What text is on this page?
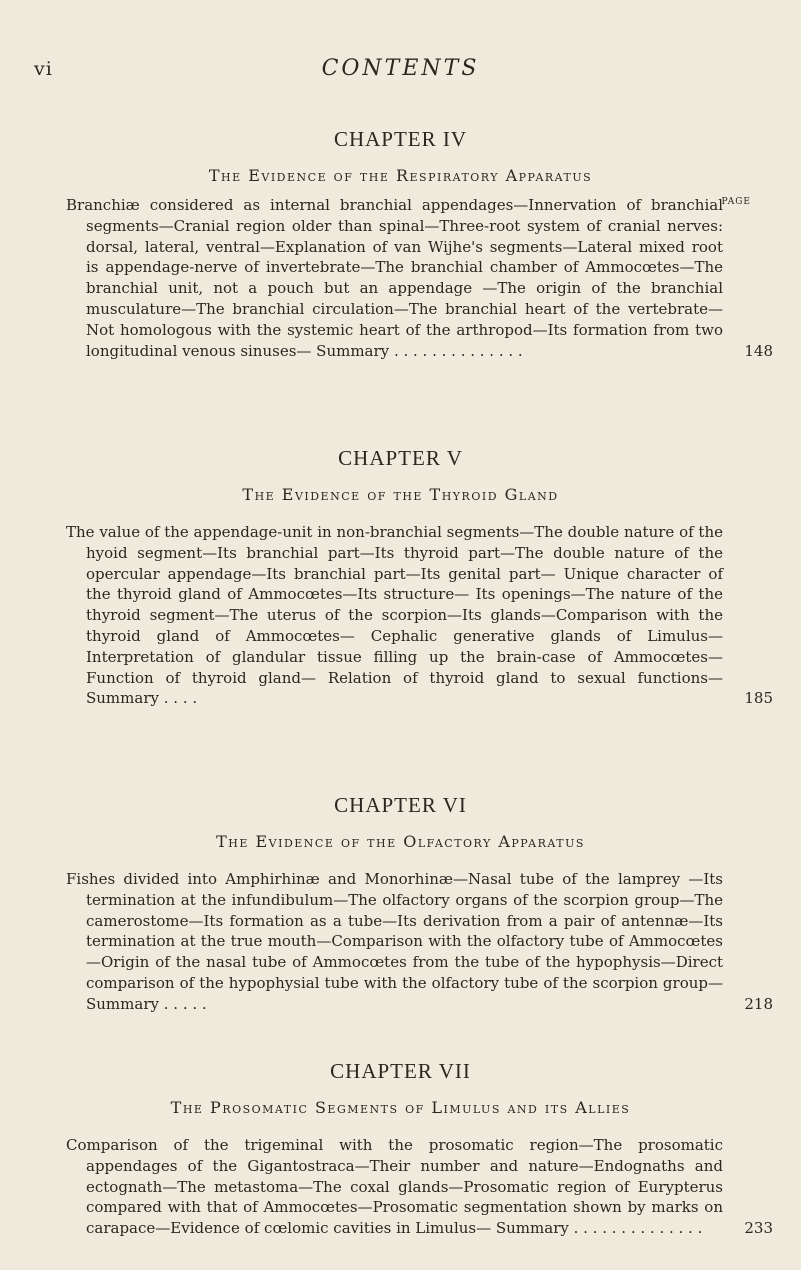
vi	CONTENTS
CHAPTER IV
The Evidence of the Respiratory Apparatus
PAGE

Branchiæ considered as internal branchial appendages—Innervation of branchial segments—Cranial region older than spinal—Three-root system of cranial nerves: dorsal, lateral, ventral—Explanation of van Wijhe's segments—Lateral mixed root is appendage-nerve of invertebrate—The branchial chamber of Ammocœtes—The branchial unit, not a pouch but an appendage —The origin of the branchial musculature—The branchial circulation—The branchial heart of the vertebrate—Not homologous with the systemic heart of the arthropod—Its formation from two longitudinal venous sinuses— Summary . . . . . . . . . . . . . .	148

CHAPTER V
The Evidence of the Thyroid Gland

The value of the appendage-unit in non-branchial segments—The double nature of the hyoid segment—Its branchial part—Its thyroid part—The double nature of the opercular appendage—Its branchial part—Its genital part— Unique character of the thyroid gland of Ammocœtes—Its structure— Its openings—The nature of the thyroid segment—The uterus of the scorpion—Its glands—Comparison with the thyroid gland of Ammocœtes— Cephalic generative glands of Limulus—Interpretation of glandular tissue filling up the brain-case of Ammocœtes—Function of thyroid gland— Relation of thyroid gland to sexual functions—Summary . . . .	185

CHAPTER VI
The Evidence of the Olfactory Apparatus

Fishes divided into Amphirhinæ and Monorhinæ—Nasal tube of the lamprey —Its termination at the infundibulum—The olfactory organs of the scorpion group—The camerostome—Its formation as a tube—Its derivation from a pair of antennæ—Its termination at the true mouth—Comparison with the olfactory tube of Ammocœtes—Origin of the nasal tube of Ammocœtes from the tube of the hypophysis—Direct comparison of the hypophysial tube with the olfactory tube of the scorpion group—Summary . . . . .	218

CHAPTER VII
The Prosomatic Segments of Limulus and its Allies

Comparison of the trigeminal with the prosomatic region—The prosomatic appendages of the Gigantostraca—Their number and nature—Endognaths and ectognath—The metastoma—The coxal glands—Prosomatic region of Eurypterus compared with that of Ammocœtes—Prosomatic segmentation shown by marks on carapace—Evidence of cœlomic cavities in Limulus— Summary . . . . . . . . . . . . . .	233
